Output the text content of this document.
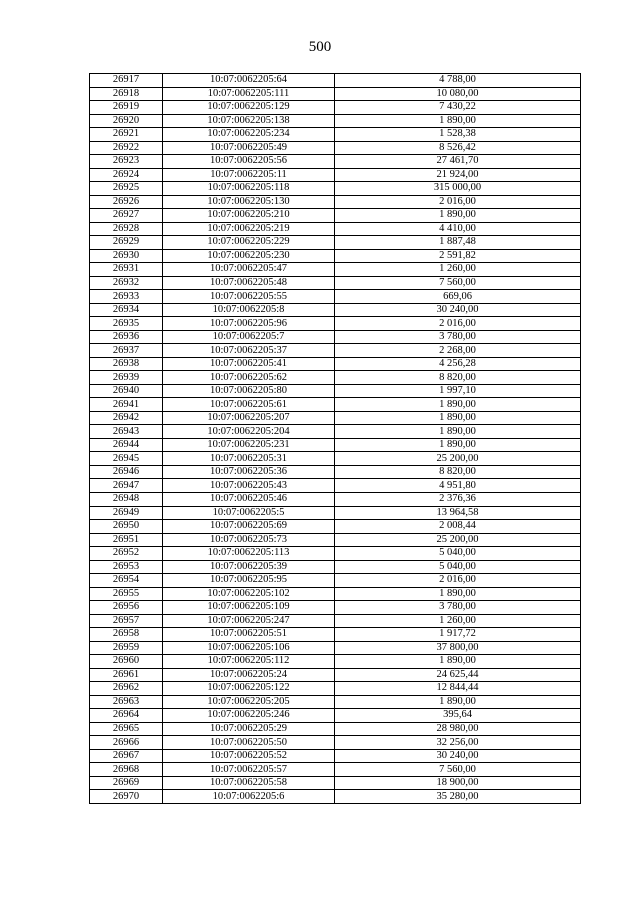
500
26917	10:07:0062205:64	4 788,00
26918	10:07:0062205:111	10 080,00
26919	10:07:0062205:129	7 430,22
26920	10:07:0062205:138	1 890,00
26921	10:07:0062205:234	1 528,38
26922	10:07:0062205:49	8 526,42
26923	10:07:0062205:56	27 461,70
26924	10:07:0062205:11	21 924,00
26925	10:07:0062205:118	315 000,00
26926	10:07:0062205:130	2 016,00
26927	10:07:0062205:210	1 890,00
26928	10:07:0062205:219	4 410,00
26929	10:07:0062205:229	1 887,48
26930	10:07:0062205:230	2 591,82
26931	10:07:0062205:47	1 260,00
26932	10:07:0062205:48	7 560,00
26933	10:07:0062205:55	669,06
26934	10:07:0062205:8	30 240,00
26935	10:07:0062205:96	2 016,00
26936	10:07:0062205:7	3 780,00
26937	10:07:0062205:37	2 268,00
26938	10:07:0062205:41	4 256,28
26939	10:07:0062205:62	8 820,00
26940	10:07:0062205:80	1 997,10
26941	10:07:0062205:61	1 890,00
26942	10:07:0062205:207	1 890,00
26943	10:07:0062205:204	1 890,00
26944	10:07:0062205:231	1 890,00
26945	10:07:0062205:31	25 200,00
26946	10:07:0062205:36	8 820,00
26947	10:07:0062205:43	4 951,80
26948	10:07:0062205:46	2 376,36
26949	10:07:0062205:5	13 964,58
26950	10:07:0062205:69	2 008,44
26951	10:07:0062205:73	25 200,00
26952	10:07:0062205:113	5 040,00
26953	10:07:0062205:39	5 040,00
26954	10:07:0062205:95	2 016,00
26955	10:07:0062205:102	1 890,00
26956	10:07:0062205:109	3 780,00
26957	10:07:0062205:247	1 260,00
26958	10:07:0062205:51	1 917,72
26959	10:07:0062205:106	37 800,00
26960	10:07:0062205:112	1 890,00
26961	10:07:0062205:24	24 625,44
26962	10:07:0062205:122	12 844,44
26963	10:07:0062205:205	1 890,00
26964	10:07:0062205:246	395,64
26965	10:07:0062205:29	28 980,00
26966	10:07:0062205:50	32 256,00
26967	10:07:0062205:52	30 240,00
26968	10:07:0062205:57	7 560,00
26969	10:07:0062205:58	18 900,00
26970	10:07:0062205:6	35 280,00
